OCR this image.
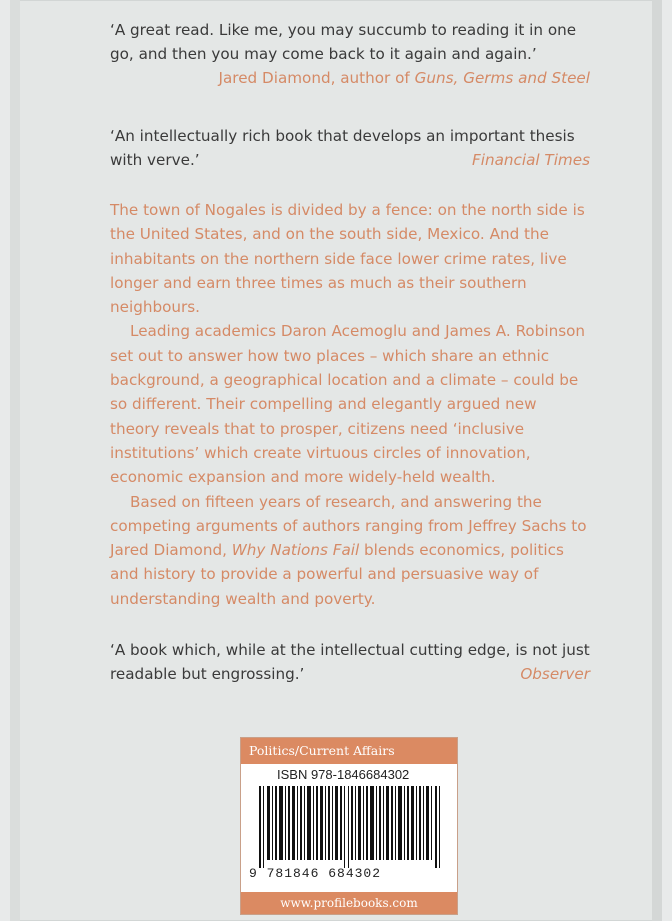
‘A great read. Like me, you may succumb to reading it in one
go, and then you may come back to it again and again.’

Jared Diamond, author of Guns, Germs and Steel

‘An intellectually rich book that develops an important thesis
with verve.’	Financial Times

The town of Nogales is divided by a fence: on the north side is the United States, and on the south side, Mexico. And the inhabitants on the northern side face lower crime rates, live longer and earn three times as much as their southern neighbours.

Leading academics Daron Acemoglu and James A. Robinson set out to answer how two places – which share an ethnic background, a geographical location and a climate – could be so different. Their compelling and elegantly argued new theory reveals that to prosper, citizens need ‘inclusive institutions’ which create virtuous circles of innovation, economic expansion and more widely-held wealth.

Based on fifteen years of research, and answering the competing arguments of authors ranging from Jeffrey Sachs to Jared Diamond, Why Nations Fail blends economics, politics and history to provide a powerful and persuasive way of understanding wealth and poverty.

‘A book which, while at the intellectual cutting edge, is not just
readable but engrossing.’	Observer

Politics/Current Affairs
ISBN 978-1846684302
9 781846 684302
www.profilebooks.com
